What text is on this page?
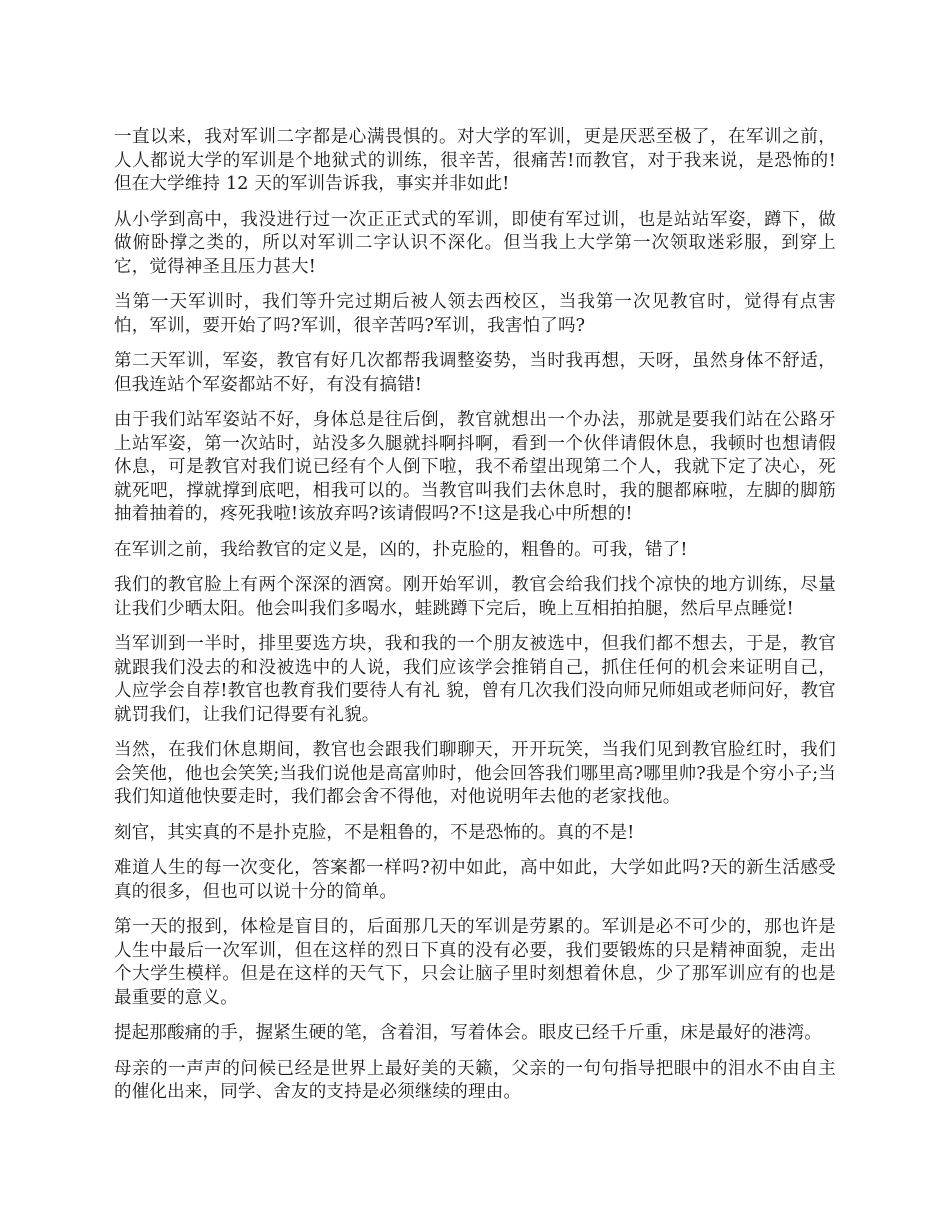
一直以来，我对军训二字都是心满畏惧的。对大学的军训，更是厌恶至极了，在军训之前，人人都说大学的军训是个地狱式的训练，很辛苦，很痛苦!而教官，对于我来说，是恐怖的!但在大学维持 12 天的军训告诉我，事实并非如此!

从小学到高中，我没进行过一次正正式式的军训，即使有军过训，也是站站军姿，蹲下，做做俯卧撑之类的，所以对军训二字认识不深化。但当我上大学第一次领取迷彩服，到穿上它，觉得神圣且压力甚大!

当第一天军训时，我们等升完过期后被人领去西校区，当我第一次见教官时，觉得有点害怕，军训，要开始了吗?军训，很辛苦吗?军训，我害怕了吗?

第二天军训，军姿，教官有好几次都帮我调整姿势，当时我再想，天呀，虽然身体不舒适，但我连站个军姿都站不好，有没有搞错!

由于我们站军姿站不好，身体总是往后倒，教官就想出一个办法，那就是要我们站在公路牙上站军姿，第一次站时，站没多久腿就抖啊抖啊，看到一个伙伴请假休息，我顿时也想请假休息，可是教官对我们说已经有个人倒下啦，我不希望出现第二个人，我就下定了决心，死就死吧，撑就撑到底吧，相我可以的。当教官叫我们去休息时，我的腿都麻啦，左脚的脚筋抽着抽着的，疼死我啦!该放弃吗?该请假吗?不!这是我心中所想的!

在军训之前，我给教官的定义是，凶的，扑克脸的，粗鲁的。可我，错了!

我们的教官脸上有两个深深的酒窝。刚开始军训，教官会给我们找个凉快的地方训练，尽量让我们少晒太阳。他会叫我们多喝水，蛙跳蹲下完后，晚上互相拍拍腿，然后早点睡觉!

当军训到一半时，排里要选方块，我和我的一个朋友被选中，但我们都不想去，于是，教官就跟我们没去的和没被选中的人说，我们应该学会推销自己，抓住任何的机会来证明自己，人应学会自荐!教官也教育我们要待人有礼 貌，曾有几次我们没向师兄师姐或老师问好，教官就罚我们，让我们记得要有礼貌。

当然，在我们休息期间，教官也会跟我们聊聊天，开开玩笑，当我们见到教官脸红时，我们会笑他，他也会笑笑;当我们说他是高富帅时，他会回答我们哪里高?哪里帅?我是个穷小子;当我们知道他快要走时，我们都会舍不得他，对他说明年去他的老家找他。

刻官，其实真的不是扑克脸，不是粗鲁的，不是恐怖的。真的不是!

难道人生的每一次变化，答案都一样吗?初中如此，高中如此，大学如此吗?天的新生活感受真的很多，但也可以说十分的简单。

第一天的报到，体检是盲目的，后面那几天的军训是劳累的。军训是必不可少的，那也许是人生中最后一次军训，但在这样的烈日下真的没有必要，我们要锻炼的只是精神面貌，走出个大学生模样。但是在这样的天气下，只会让脑子里时刻想着休息，少了那军训应有的也是最重要的意义。

提起那酸痛的手，握紧生硬的笔，含着泪，写着体会。眼皮已经千斤重，床是最好的港湾。

母亲的一声声的问候已经是世界上最好美的天籁，父亲的一句句指导把眼中的泪水不由自主的催化出来，同学、舍友的支持是必须继续的理由。
